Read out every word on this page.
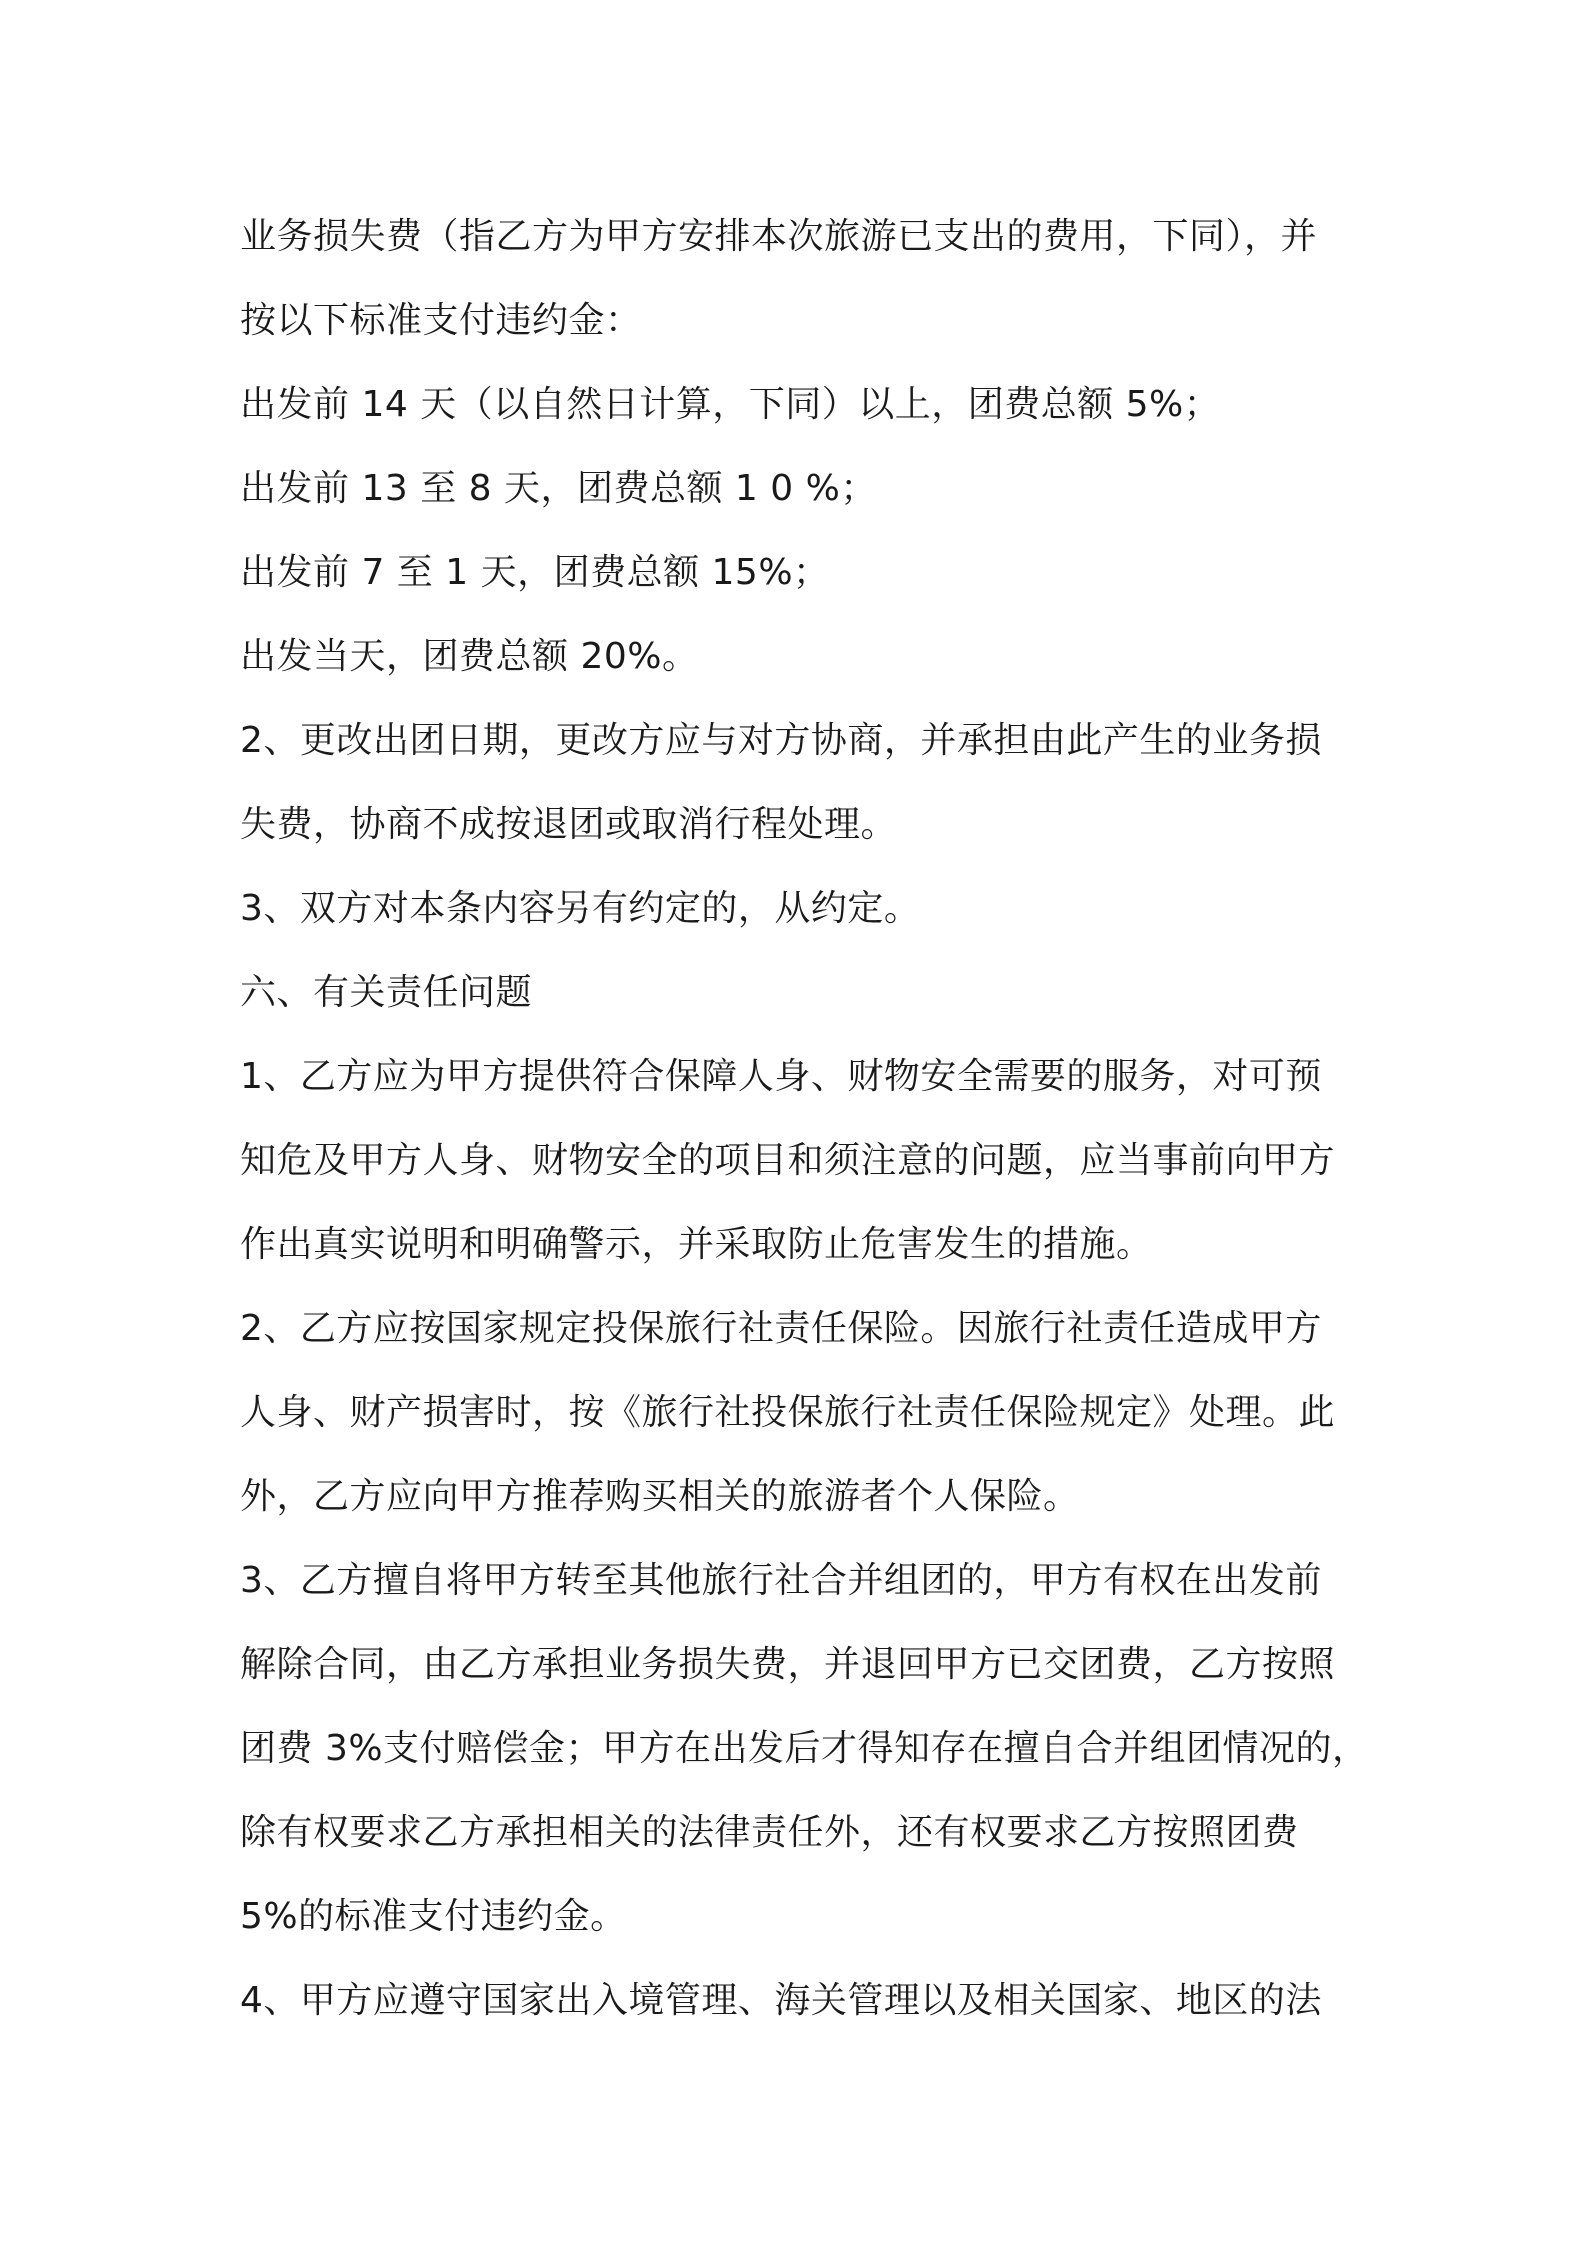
业务损失费（指乙方为甲方安排本次旅游已支出的费用，下同），并
按以下标准支付违约金：
出发前 14 天（以自然日计算，下同）以上，团费总额 5%；
出发前 13 至 8 天，团费总额 1 0 %；
出发前 7 至 1 天，团费总额 15%；
出发当天，团费总额 20%。
2、更改出团日期，更改方应与对方协商，并承担由此产生的业务损
失费，协商不成按退团或取消行程处理。
3、双方对本条内容另有约定的，从约定。
六、有关责任问题
1、乙方应为甲方提供符合保障人身、财物安全需要的服务，对可预
知危及甲方人身、财物安全的项目和须注意的问题，应当事前向甲方
作出真实说明和明确警示，并采取防止危害发生的措施。
2、乙方应按国家规定投保旅行社责任保险。因旅行社责任造成甲方
人身、财产损害时，按《旅行社投保旅行社责任保险规定》处理。此
外，乙方应向甲方推荐购买相关的旅游者个人保险。
3、乙方擅自将甲方转至其他旅行社合并组团的，甲方有权在出发前
解除合同，由乙方承担业务损失费，并退回甲方已交团费，乙方按照
团费 3%支付赔偿金；甲方在出发后才得知存在擅自合并组团情况的，
除有权要求乙方承担相关的法律责任外，还有权要求乙方按照团费
5%的标准支付违约金。
4、甲方应遵守国家出入境管理、海关管理以及相关国家、地区的法
